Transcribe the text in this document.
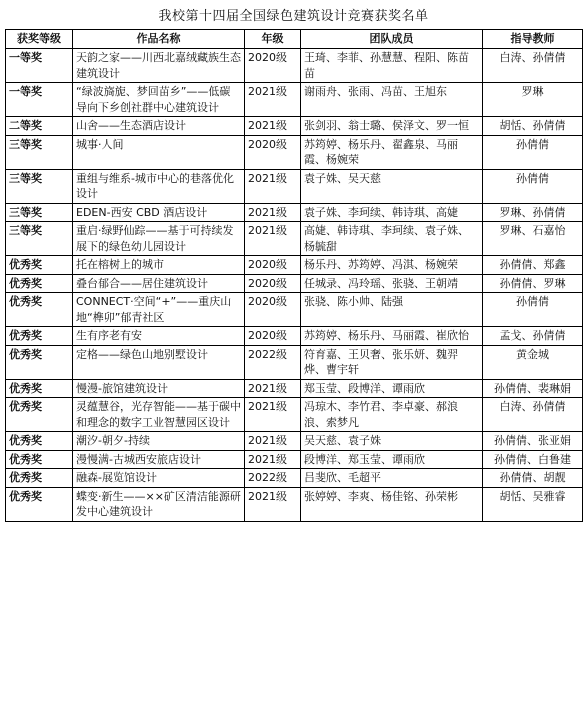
我校第十四届全国绿色建筑设计竞赛获奖名单
获奖等级	作品名称	年级	团队成员	指导教师
一等奖	天韵之家——川西北嘉绒藏族生态建筑设计	2020级	王琦、李菲、孙慧慧、程阳、陈苗苗	白涛、孙倩倩
一等奖	“绿波旖旎、梦回苗乡”——低碳导向下乡创社群中心建筑设计	2021级	谢雨舟、张雨、冯苗、王旭东	罗琳
二等奖	山舍——生态酒店设计	2021级	张剑羽、翁士璐、侯泽文、罗一恒	胡恬、孙倩倩
三等奖	城事·人间	2020级	苏筠婷、杨乐丹、翟鑫泉、马丽霞、杨婉荣	孙倩倩
三等奖	重组与维系-城市中心的巷落优化设计	2021级	袁子姝、吴天慈	孙倩倩
三等奖	EDEN-西安 CBD 酒店设计	2021级	袁子姝、李珂续、韩诗琪、高婕	罗琳、孙倩倩
三等奖	重启·绿野仙踪——基于可持续发展下的绿色幼儿园设计	2021级	高婕、韩诗琪、李珂续、袁子姝、杨毓甜	罗琳、石嘉怡
优秀奖	托在榕树上的城市	2020级	杨乐丹、苏筠婷、冯淇、杨婉荣	孙倩倩、郑鑫
优秀奖	叠台郁合——居住建筑设计	2020级	任城录、冯玲瑶、张骁、王朝靖	孙倩倩、罗琳
优秀奖	CONNECT·空间“+”——重庆山地“榫卯”郁青社区	2020级	张骁、陈小帅、陆强	孙倩倩
优秀奖	生有序老有安	2020级	苏筠婷、杨乐丹、马丽霞、崔欣怡	孟戈、孙倩倩
优秀奖	定格——绿色山地别墅设计	2022级	符育嘉、王贝奢、张乐妍、魏羿烨、曹宇轩	黄金城
优秀奖	慢漫-旅馆建筑设计	2021级	郑玉莹、段博洋、谭雨欣	孙倩倩、裴琳娟
优秀奖	灵蕴慧谷，光存智能——基于碳中和理念的数字工业智慧园区设计	2021级	冯琼木、李竹君、李卓豪、郝浪浪、索梦凡	白涛、孙倩倩
优秀奖	潮汐-朝夕-持续	2021级	吴天慈、袁子姝	孙倩倩、张亚娟
优秀奖	漫慢满-古城西安旅店设计	2021级	段博洋、郑玉莹、谭雨欣	孙倩倩、白鲁建
优秀奖	融森-展览馆设计	2022级	吕斐欣、毛超平	孙倩倩、胡靓
优秀奖	蝶变·新生——××矿区清洁能源研发中心建筑设计	2021级	张婷婷、李爽、杨佳铭、孙荣彬	胡恬、吴雅睿
